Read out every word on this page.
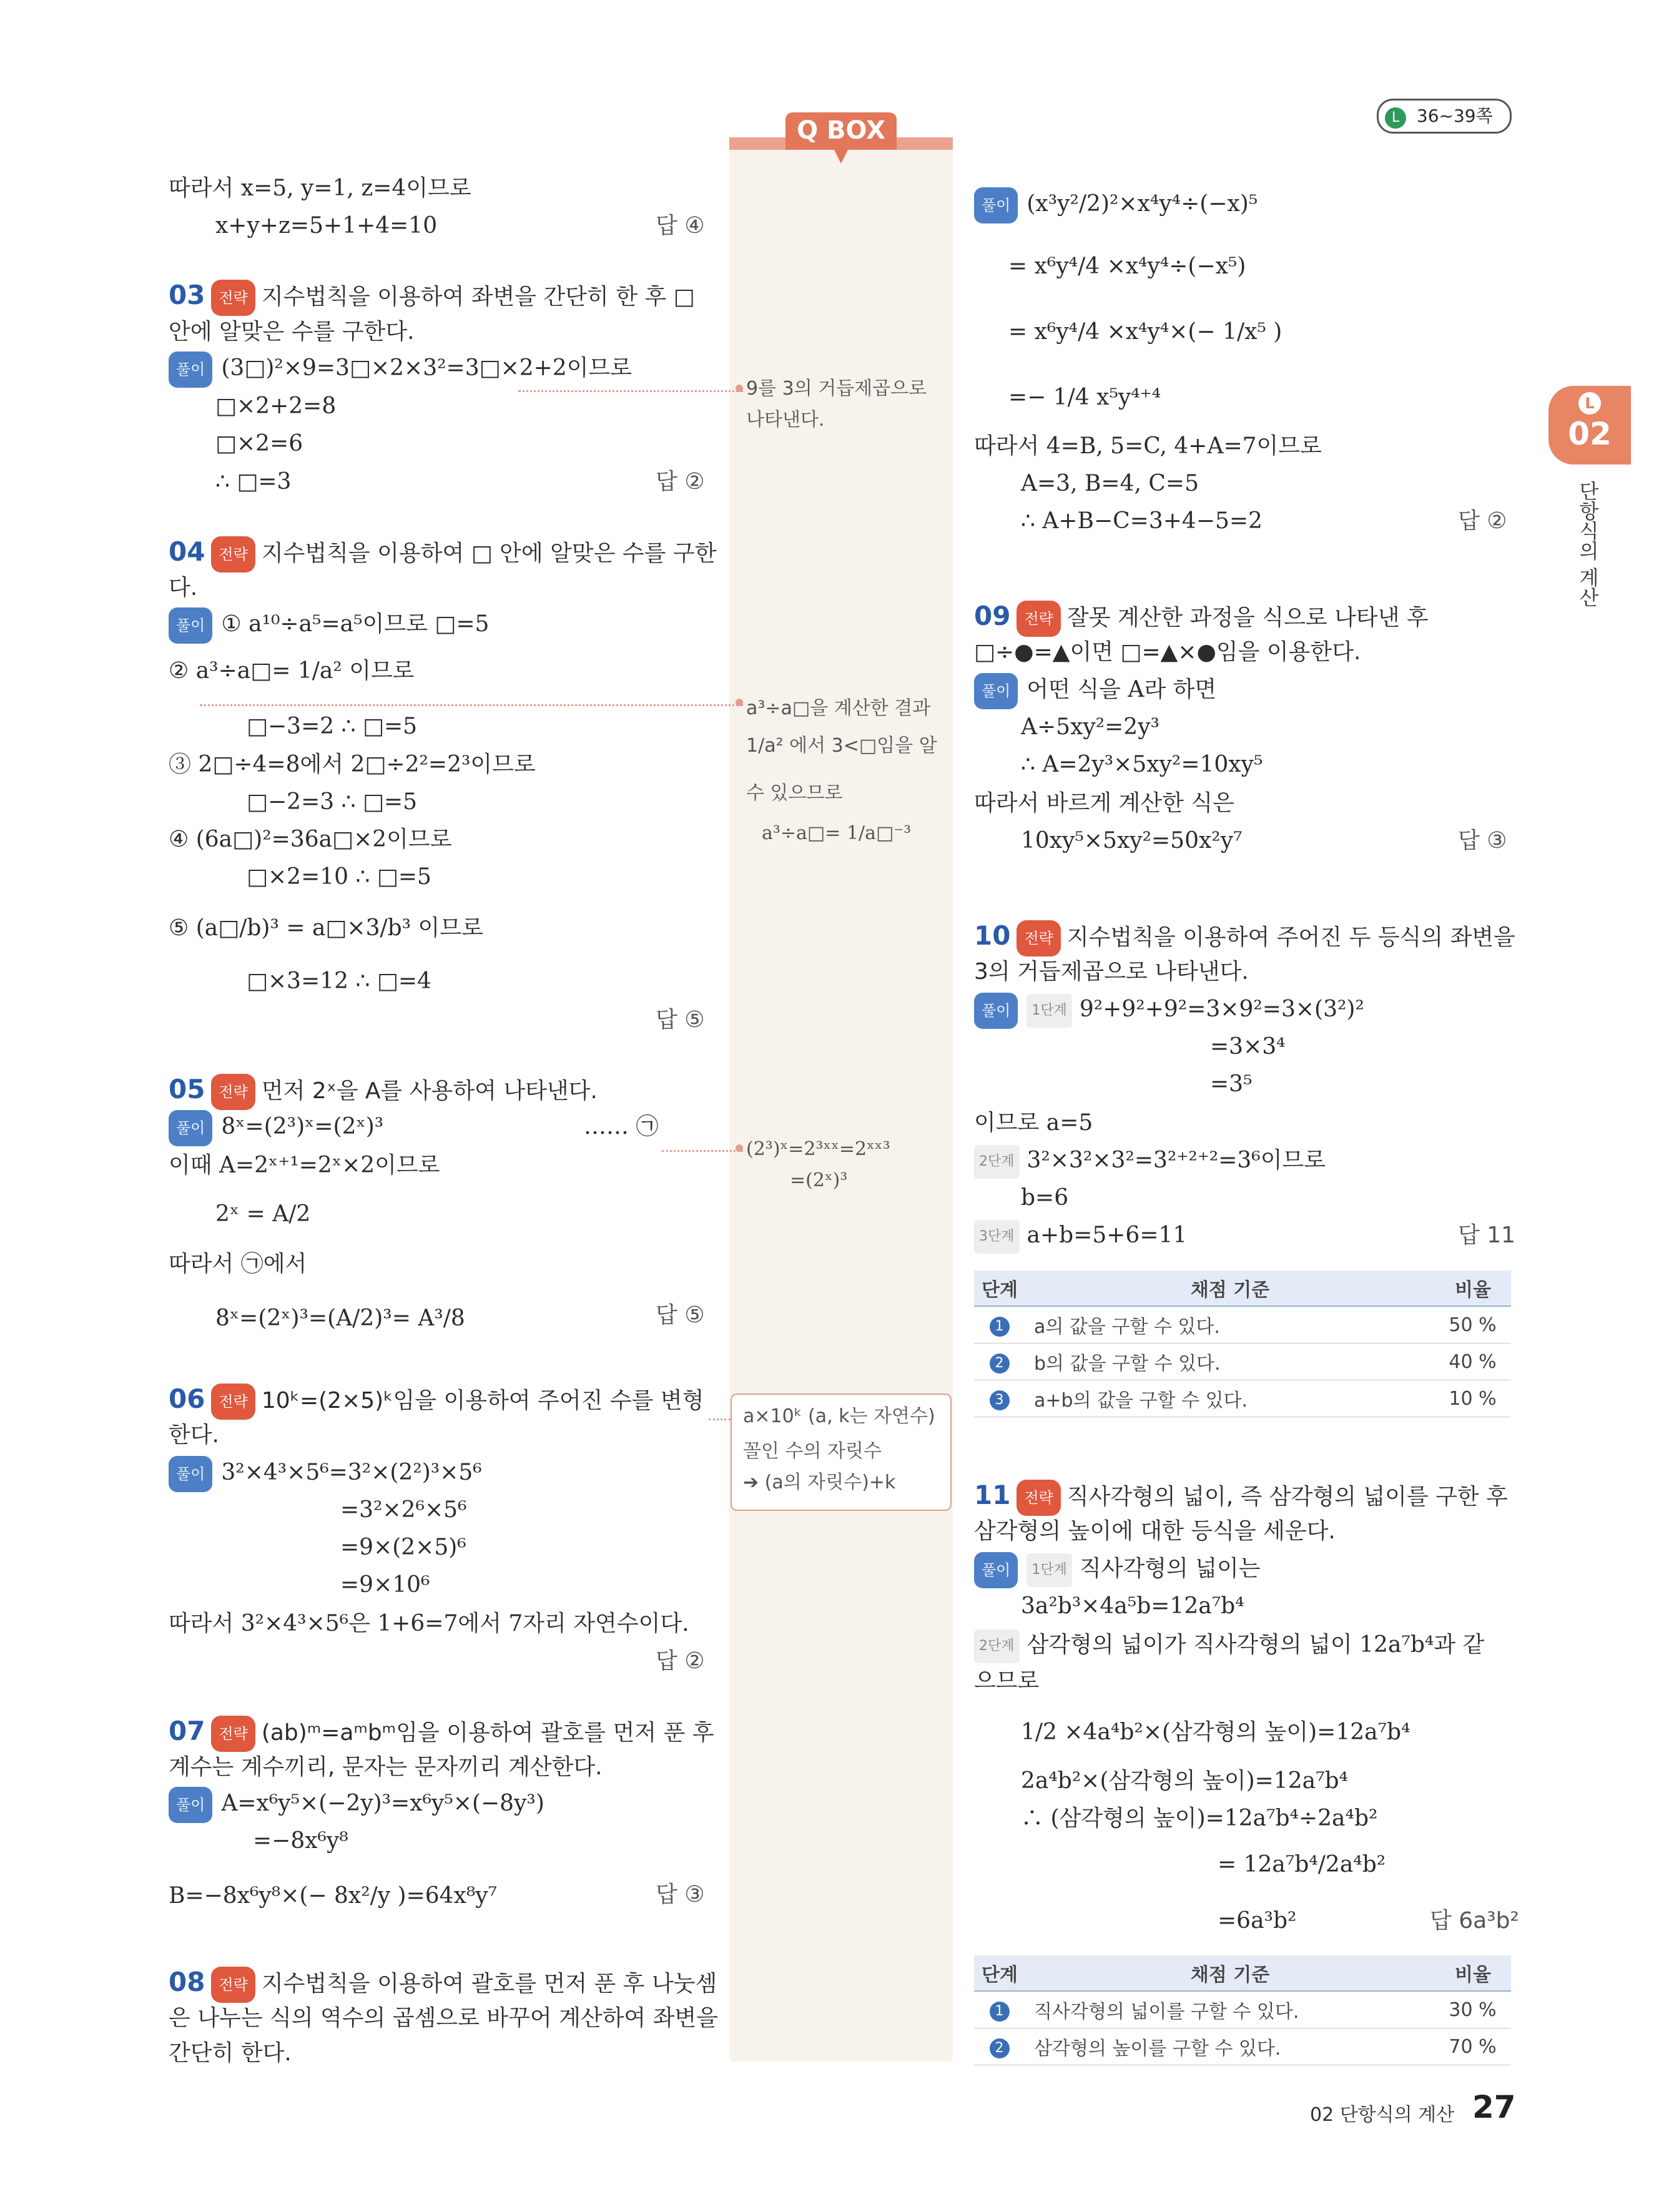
L 36~39쪽
Q BOX
L
02
단항식의 계산
따라서 x=5, y=1, z=4이므로
x+y+z=5+1+4=10	답 ④
03 전략 지수법칙을 이용하여 좌변을 간단히 한 후 □
안에 알맞은 수를 구한다.
풀이 (3□)²×9=3□×2×3²=3□×2+2이므로
□×2+2=8
□×2=6
∴ □=3	답 ②
04 전략 지수법칙을 이용하여 □ 안에 알맞은 수를 구한
다.
풀이 ① a¹⁰÷a⁵=a⁵이므로 □=5
② a³÷a□= 1/a² 이므로
□−3=2 ∴ □=5
③ 2□÷4=8에서 2□÷2²=2³이므로
□−2=3 ∴ □=5
④ (6a□)²=36a□×2이므로
□×2=10 ∴ □=5
⑤ (a□/b)³ = a□×3/b³ 이므로
□×3=12 ∴ □=4
답 ⑤
05 전략 먼저 2ˣ을 A를 사용하여 나타낸다.
풀이 8ˣ=(2³)ˣ=(2ˣ)³	…… ㉠
이때 A=2ˣ⁺¹=2ˣ×2이므로
2ˣ = A/2
따라서 ㉠에서
8ˣ=(2ˣ)³=(A/2)³= A³/8	답 ⑤
06 전략 10ᵏ=(2×5)ᵏ임을 이용하여 주어진 수를 변형
한다.
풀이 3²×4³×5⁶=3²×(2²)³×5⁶
=3²×2⁶×5⁶
=9×(2×5)⁶
=9×10⁶
따라서 3²×4³×5⁶은 1+6=7에서 7자리 자연수이다.
답 ②
07 전략 (ab)ᵐ=aᵐbᵐ임을 이용하여 괄호를 먼저 푼 후
계수는 계수끼리, 문자는 문자끼리 계산한다.
풀이 A=x⁶y⁵×(−2y)³=x⁶y⁵×(−8y³)
=−8x⁶y⁸
B=−8x⁶y⁸×(− 8x²/y )=64x⁸y⁷	답 ③
08 전략 지수법칙을 이용하여 괄호를 먼저 푼 후 나눗셈
은 나누는 식의 역수의 곱셈으로 바꾸어 계산하여 좌변을
간단히 한다.
9를 3의 거듭제곱으로
나타낸다.
a³÷a□을 계산한 결과
1/a² 에서 3<□임을 알
수 있으므로
a³÷a□= 1/a□⁻³
(2³)ˣ=2³ˣˣ=2ˣˣ³
=(2ˣ)³
a×10ᵏ (a, k는 자연수)
꼴인 수의 자릿수
➔ (a의 자릿수)+k
풀이 (x³y²/2)²×x⁴y⁴÷(−x)⁵
= x⁶y⁴/4 ×x⁴y⁴÷(−x⁵)
= x⁶y⁴/4 ×x⁴y⁴×(− 1/x⁵ )
=− 1/4 x⁵y⁴⁺⁴
따라서 4=B, 5=C, 4+A=7이므로
A=3, B=4, C=5
∴ A+B−C=3+4−5=2	답 ②
09 전략 잘못 계산한 과정을 식으로 나타낸 후
□÷●=▲이면 □=▲×●임을 이용한다.
풀이 어떤 식을 A라 하면
A÷5xy²=2y³
∴ A=2y³×5xy²=10xy⁵
따라서 바르게 계산한 식은
10xy⁵×5xy²=50x²y⁷	답 ③
10 전략 지수법칙을 이용하여 주어진 두 등식의 좌변을
3의 거듭제곱으로 나타낸다.
풀이 1단계 9²+9²+9²=3×9²=3×(3²)²
=3×3⁴
=3⁵
이므로 a=5
2단계 3²×3²×3²=3²⁺²⁺²=3⁶이므로
b=6
3단계 a+b=5+6=11	답 11
단계	채점 기준	비율
1	a의 값을 구할 수 있다.	50 %
2	b의 값을 구할 수 있다.	40 %
3	a+b의 값을 구할 수 있다.	10 %
11 전략 직사각형의 넓이, 즉 삼각형의 넓이를 구한 후
삼각형의 높이에 대한 등식을 세운다.
풀이 1단계 직사각형의 넓이는
3a²b³×4a⁵b=12a⁷b⁴
2단계 삼각형의 넓이가 직사각형의 넓이 12a⁷b⁴과 같
으므로
1/2 ×4a⁴b²×(삼각형의 높이)=12a⁷b⁴
2a⁴b²×(삼각형의 높이)=12a⁷b⁴
∴ (삼각형의 높이)=12a⁷b⁴÷2a⁴b²
= 12a⁷b⁴/2a⁴b²
=6a³b²	답 6a³b²
단계	채점 기준	비율
1	직사각형의 넓이를 구할 수 있다.	30 %
2	삼각형의 높이를 구할 수 있다.	70 %
02 단항식의 계산 27
